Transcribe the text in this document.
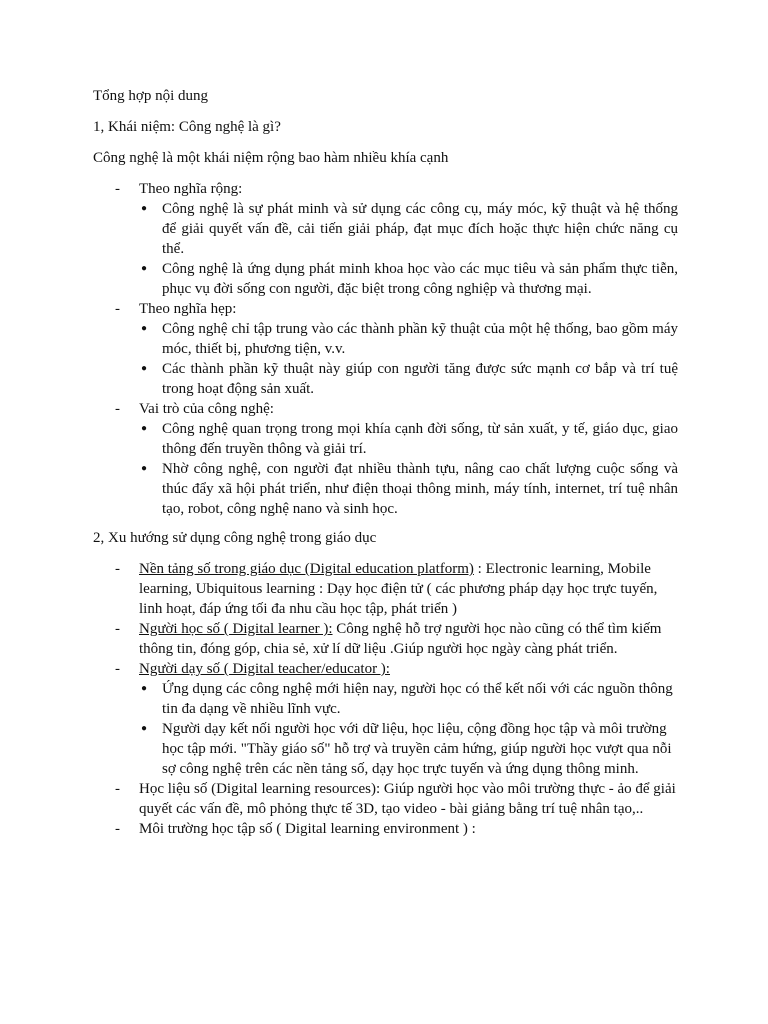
Tổng hợp nội dung

1, Khái niệm: Công nghệ là gì?

Công nghệ là một khái niệm rộng bao hàm nhiều khía cạnh

- Theo nghĩa rộng:
● Công nghệ là sự phát minh và sử dụng các công cụ, máy móc, kỹ thuật và hệ thống để giải quyết vấn đề, cải tiến giải pháp, đạt mục đích hoặc thực hiện chức năng cụ thể.
● Công nghệ là ứng dụng phát minh khoa học vào các mục tiêu và sản phẩm thực tiễn, phục vụ đời sống con người, đặc biệt trong công nghiệp và thương mại.
- Theo nghĩa hẹp:
● Công nghệ chỉ tập trung vào các thành phần kỹ thuật của một hệ thống, bao gồm máy móc, thiết bị, phương tiện, v.v.
● Các thành phần kỹ thuật này giúp con người tăng được sức mạnh cơ bắp và trí tuệ trong hoạt động sản xuất.
- Vai trò của công nghệ:
● Công nghệ quan trọng trong mọi khía cạnh đời sống, từ sản xuất, y tế, giáo dục, giao thông đến truyền thông và giải trí.
● Nhờ công nghệ, con người đạt nhiều thành tựu, nâng cao chất lượng cuộc sống và thúc đẩy xã hội phát triển, như điện thoại thông minh, máy tính, internet, trí tuệ nhân tạo, robot, công nghệ nano và sinh học.

2, Xu hướng sử dụng công nghệ trong giáo dục

- Nền tảng số trong giáo dục (Digital education platform) : Electronic learning, Mobile learning, Ubiquitous learning : Dạy học điện tử ( các phương pháp dạy học trực tuyến, linh hoạt, đáp ứng tối đa nhu cầu học tập, phát triển )
- Người học số ( Digital learner ): Công nghệ hỗ trợ người học nào cũng có thể tìm kiếm thông tin, đóng góp, chia sẻ, xử lí dữ liệu .Giúp người học ngày càng phát triển.
- Người dạy số ( Digital teacher/educator ):
● Ứng dụng các công nghệ mới hiện nay, người học có thể kết nối với các nguồn thông tin đa dạng về nhiều lĩnh vực.
● Người dạy kết nối người học với dữ liệu, học liệu, cộng đồng học tập và môi trường học tập mới. "Thầy giáo số" hỗ trợ và truyền cảm hứng, giúp người học vượt qua nỗi sợ công nghệ trên các nền tảng số, dạy học trực tuyến và ứng dụng thông minh.
- Học liệu số (Digital learning resources): Giúp người học vào môi trường thực - ảo để giải quyết các vấn đề, mô phỏng thực tế 3D, tạo video - bài giảng bằng trí tuệ nhân tạo,..
- Môi trường học tập số ( Digital learning environment ) :
